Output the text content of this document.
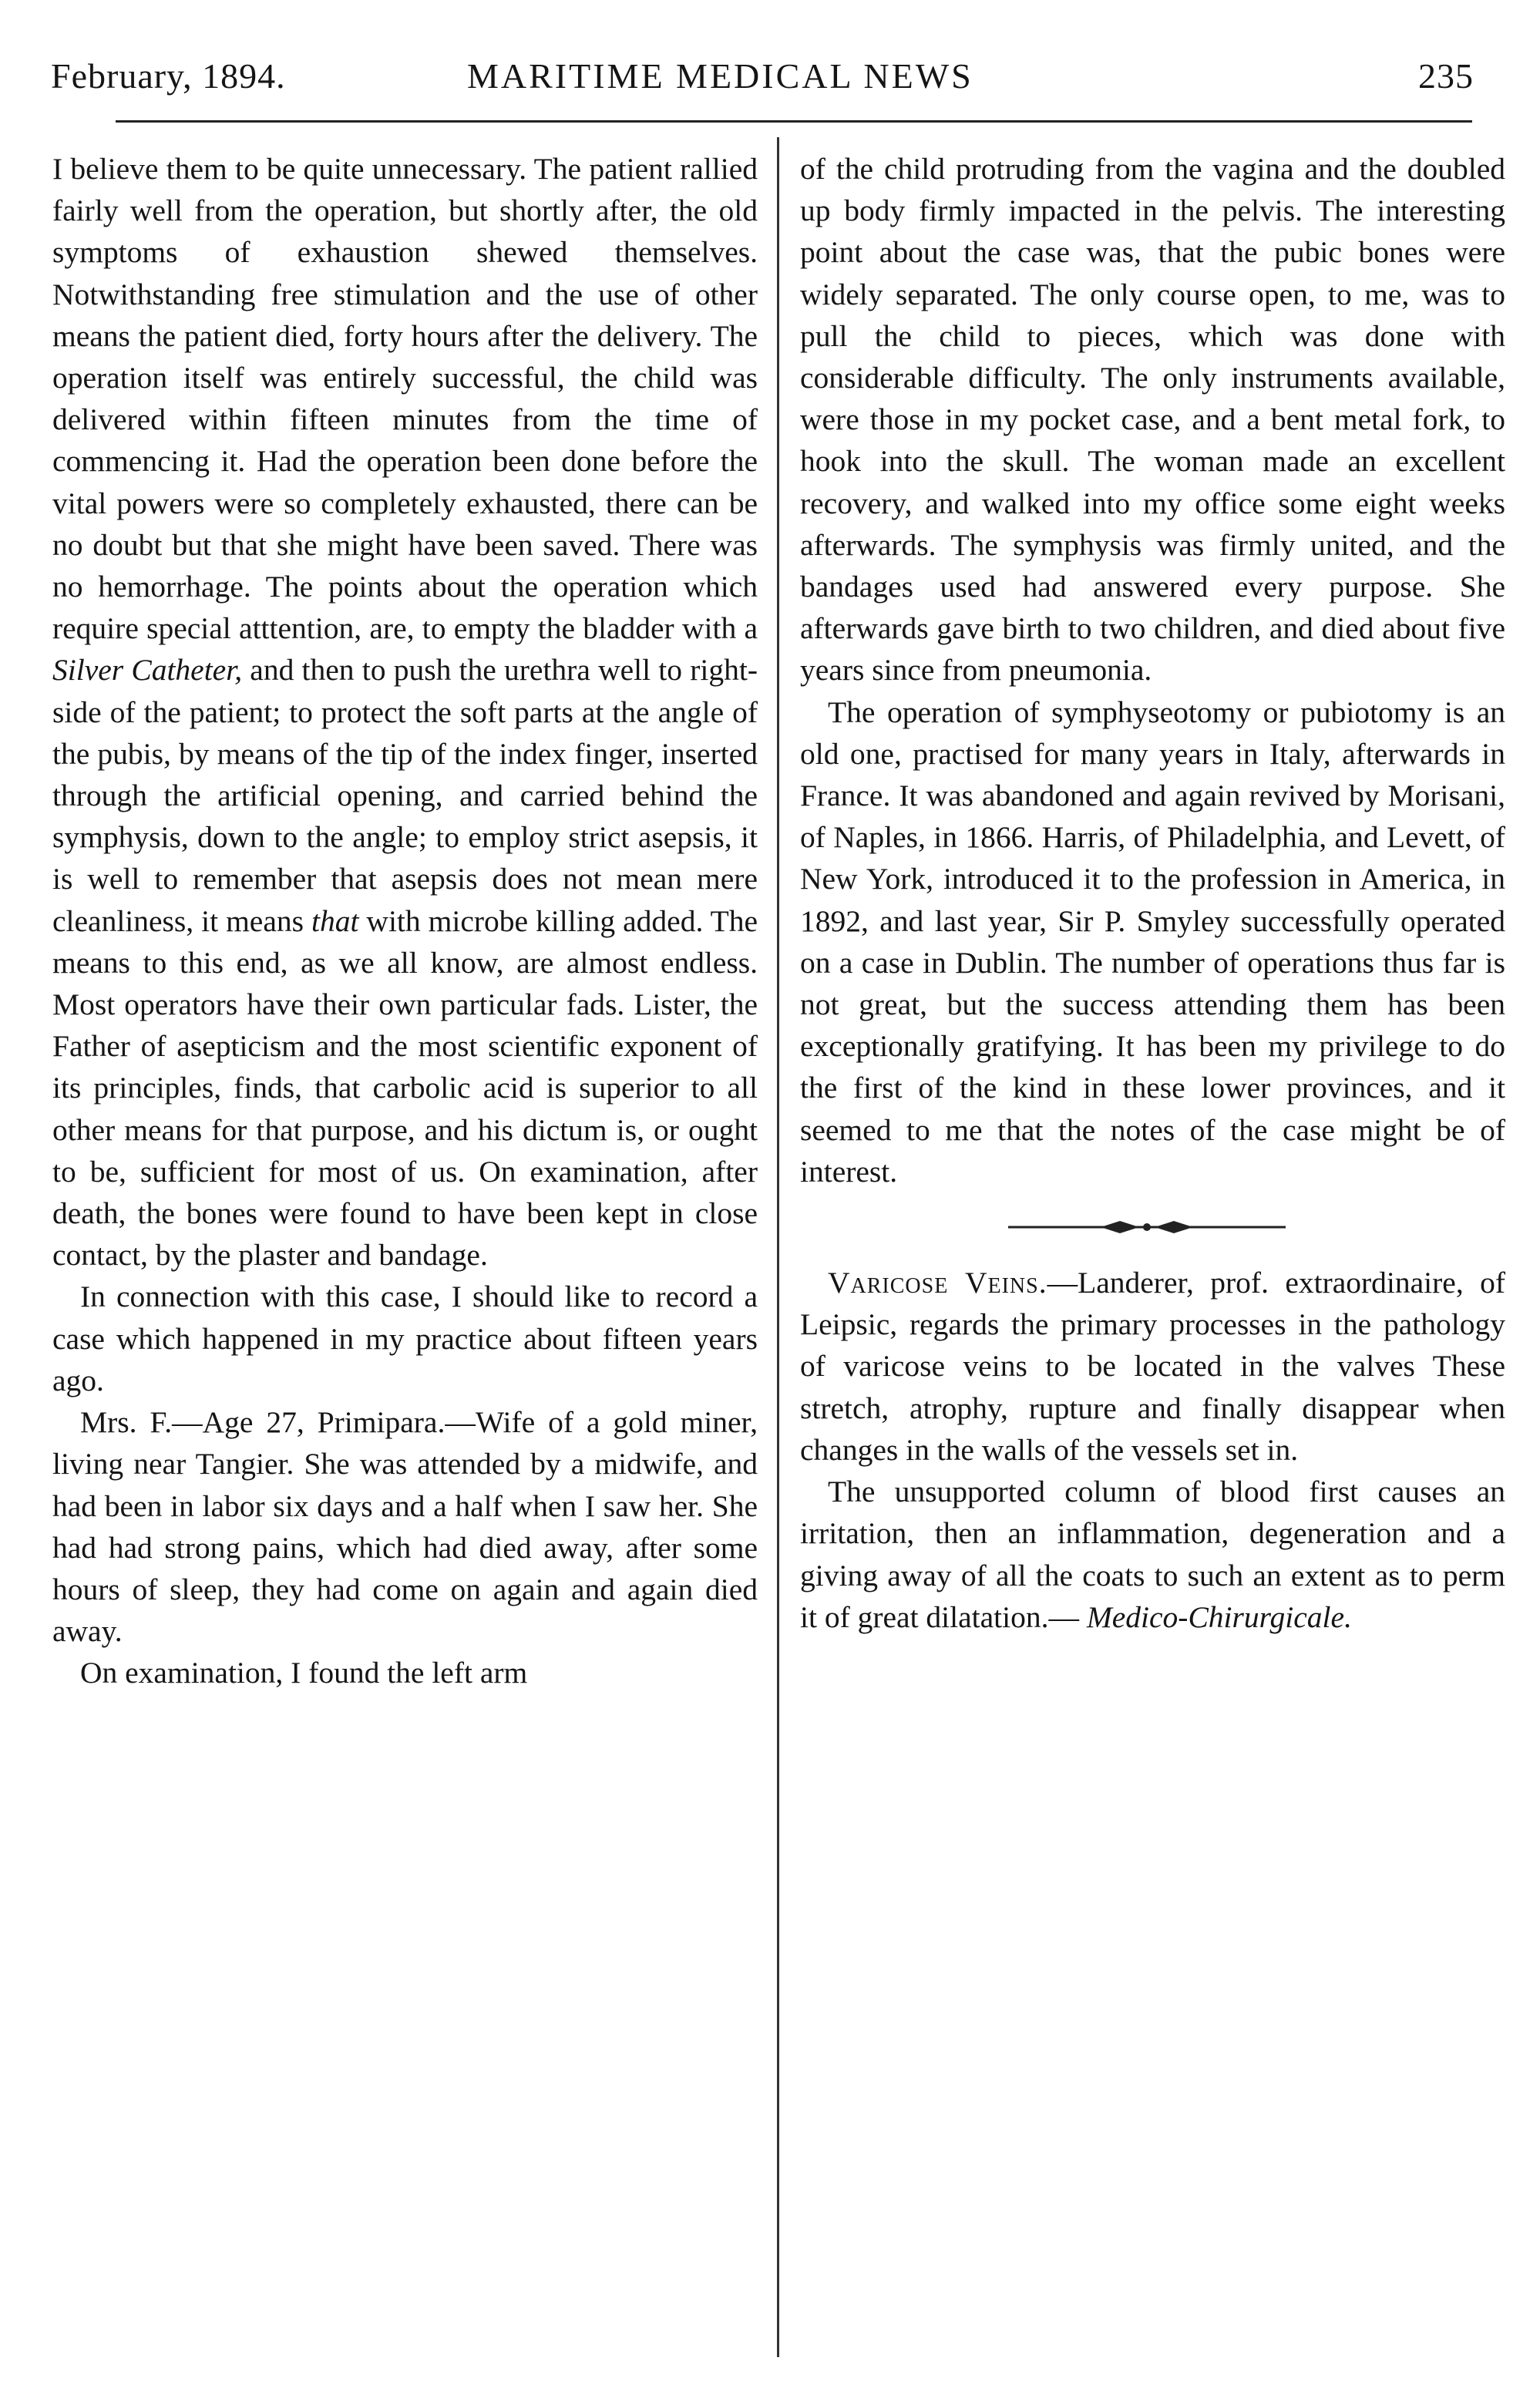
February, 1894.	MARITIME MEDICAL NEWS	235

I believe them to be quite unnecessary. The patient rallied fairly well from the operation, but shortly after, the old symptoms of exhaustion shewed themselves. Notwithstanding free stimulation and the use of other means the patient died, forty hours after the delivery. The operation itself was entirely successful, the child was delivered within fifteen minutes from the time of commencing it. Had the operation been done before the vital powers were so completely exhausted, there can be no doubt but that she might have been saved. There was no hemorrhage. The points about the operation which require special atttention, are, to empty the bladder with a Silver Catheter, and then to push the urethra well to right-side of the patient; to protect the soft parts at the angle of the pubis, by means of the tip of the index finger, inserted through the artificial opening, and carried behind the symphysis, down to the angle; to employ strict asepsis, it is well to remember that asepsis does not mean mere cleanliness, it means that with microbe killing added. The means to this end, as we all know, are almost endless. Most operators have their own particular fads. Lister, the Father of asepticism and the most scientific exponent of its principles, finds, that carbolic acid is superior to all other means for that purpose, and his dictum is, or ought to be, sufficient for most of us. On examination, after death, the bones were found to have been kept in close contact, by the plaster and bandage.

In connection with this case, I should like to record a case which happened in my practice about fifteen years ago.

Mrs. F.—Age 27, Primipara.—Wife of a gold miner, living near Tangier. She was attended by a midwife, and had been in labor six days and a half when I saw her. She had had strong pains, which had died away, after some hours of sleep, they had come on again and again died away.

On examination, I found the left arm

of the child protruding from the vagina and the doubled up body firmly impacted in the pelvis. The interesting point about the case was, that the pubic bones were widely separated. The only course open, to me, was to pull the child to pieces, which was done with considerable difficulty. The only instruments available, were those in my pocket case, and a bent metal fork, to hook into the skull. The woman made an excellent recovery, and walked into my office some eight weeks afterwards. The symphysis was firmly united, and the bandages used had answered every purpose. She afterwards gave birth to two children, and died about five years since from pneumonia.

The operation of symphyseotomy or pubiotomy is an old one, practised for many years in Italy, afterwards in France. It was abandoned and again revived by Morisani, of Naples, in 1866. Harris, of Philadelphia, and Levett, of New York, introduced it to the profession in America, in 1892, and last year, Sir P. Smyley successfully operated on a case in Dublin. The number of operations thus far is not great, but the success attending them has been exceptionally gratifying. It has been my privilege to do the first of the kind in these lower provinces, and it seemed to me that the notes of the case might be of interest.

Varicose Veins.—Landerer, prof. extraordinaire, of Leipsic, regards the primary processes in the pathology of varicose veins to be located in the valves These stretch, atrophy, rupture and finally disappear when changes in the walls of the vessels set in.

The unsupported column of blood first causes an irritation, then an inflammation, degeneration and a giving away of all the coats to such an extent as to perm it of great dilatation.— Medico-Chirurgicale.
